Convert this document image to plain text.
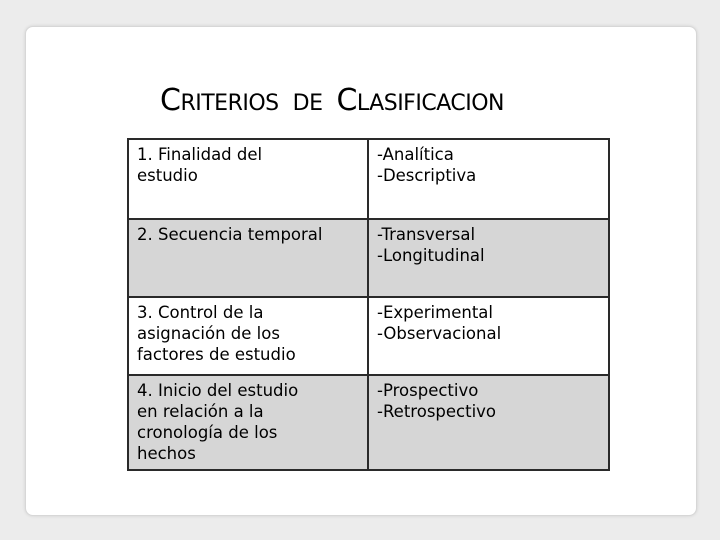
CRITERIOS DE CLASIFICACION
1. Finalidad del
estudio	-Analítica
-Descriptiva

2. Secuencia temporal	-Transversal
-Longitudinal

3. Control de la
asignación de los
factores de estudio	-Experimental
-Observacional

4. Inicio del estudio
en relación a la
cronología de los
hechos	-Prospectivo
-Retrospectivo
